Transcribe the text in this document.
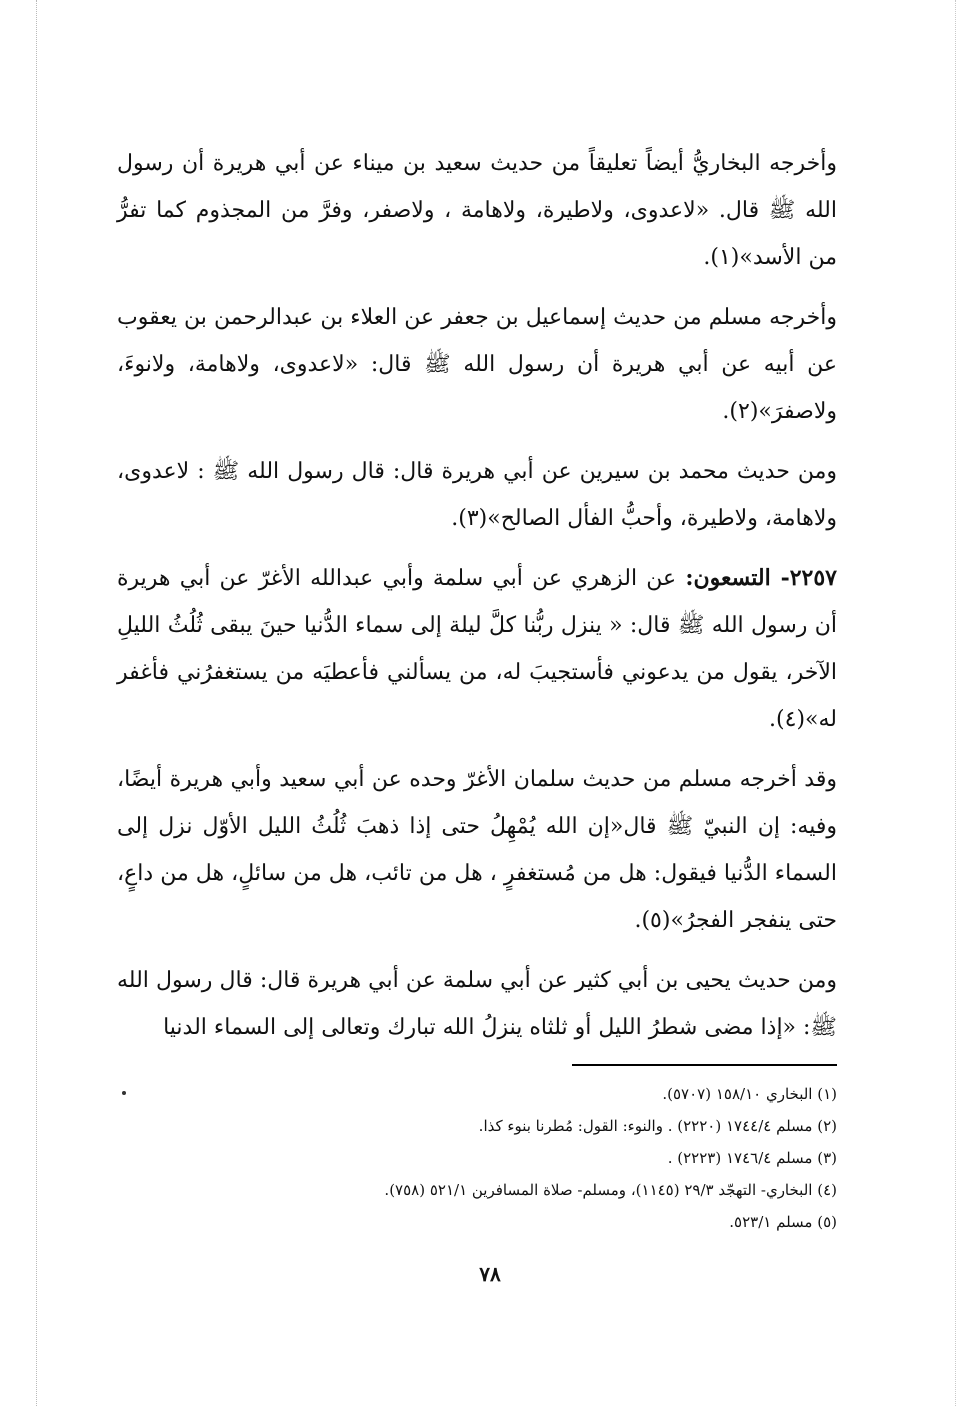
وأخرجه البخاريُّ أيضاً تعليقاً من حديث سعيد بن ميناء عن أبي هريرة أن رسول الله ﷺ قال. «لاعدوى، ولاطيرة، ولاهامة ، ولاصفر، وفرَّ من المجذوم كما تفرُّ من الأسد»(١).

وأخرجه مسلم من حديث إسماعيل بن جعفر عن العلاء بن عبدالرحمن بن يعقوب عن أبيه عن أبي هريرة أن رسول الله ﷺ قال: «لاعدوى، ولاهامة، ولانوءَ، ولاصفرَ»(٢).

ومن حديث محمد بن سيرين عن أبي هريرة قال: قال رسول الله ﷺ : لاعدوى، ولاهامة، ولاطيرة، وأحبُّ الفأل الصالح»(٣).

٢٢٥٧- التسعون: عن الزهري عن أبي سلمة وأبي عبدالله الأغرّ عن أبي هريرة أن رسول الله ﷺ قال: « ينزل ربُّنا كلَّ ليلة إلى سماء الدُّنيا حينَ يبقى ثُلُثُ الليلِ الآخر، يقول من يدعوني فأستجيبَ له، من يسألني فأعطيَه من يستغفرُني فأغفر له»(٤).

وقد أخرجه مسلم من حديث سلمان الأغرّ وحده عن أبي سعيد وأبي هريرة أيضًا، وفيه: إن النبيّ ﷺ قال«إن الله يُمْهِلُ حتى إذا ذهبَ ثُلُثُ الليل الأوّل نزل إلى السماء الدُّنيا فيقول: هل من مُستغفرٍ ، هل من تائب، هل من سائلٍ، هل من داعٍ، حتى ينفجر الفجرُ»(٥).

ومن حديث يحيى بن أبي كثير عن أبي سلمة عن أبي هريرة قال: قال رسول الله ﷺ: «إذا مضى شطرُ الليل أو ثلثاه ينزلُ الله تبارك وتعالى إلى السماء الدنيا

(١) البخاري ١٥٨/١٠ (٥٧٠٧).

(٢) مسلم ١٧٤٤/٤ (٢٢٢٠) . والنوء: القول: مُطرنا بنوء كذا.

(٣) مسلم ١٧٤٦/٤ (٢٢٢٣) .

(٤) البخاري- التهجّد ٢٩/٣ (١١٤٥)، ومسلم- صلاة المسافرين ٥٢١/١ (٧٥٨).

(٥) مسلم ٥٢٣/١.

٧٨
